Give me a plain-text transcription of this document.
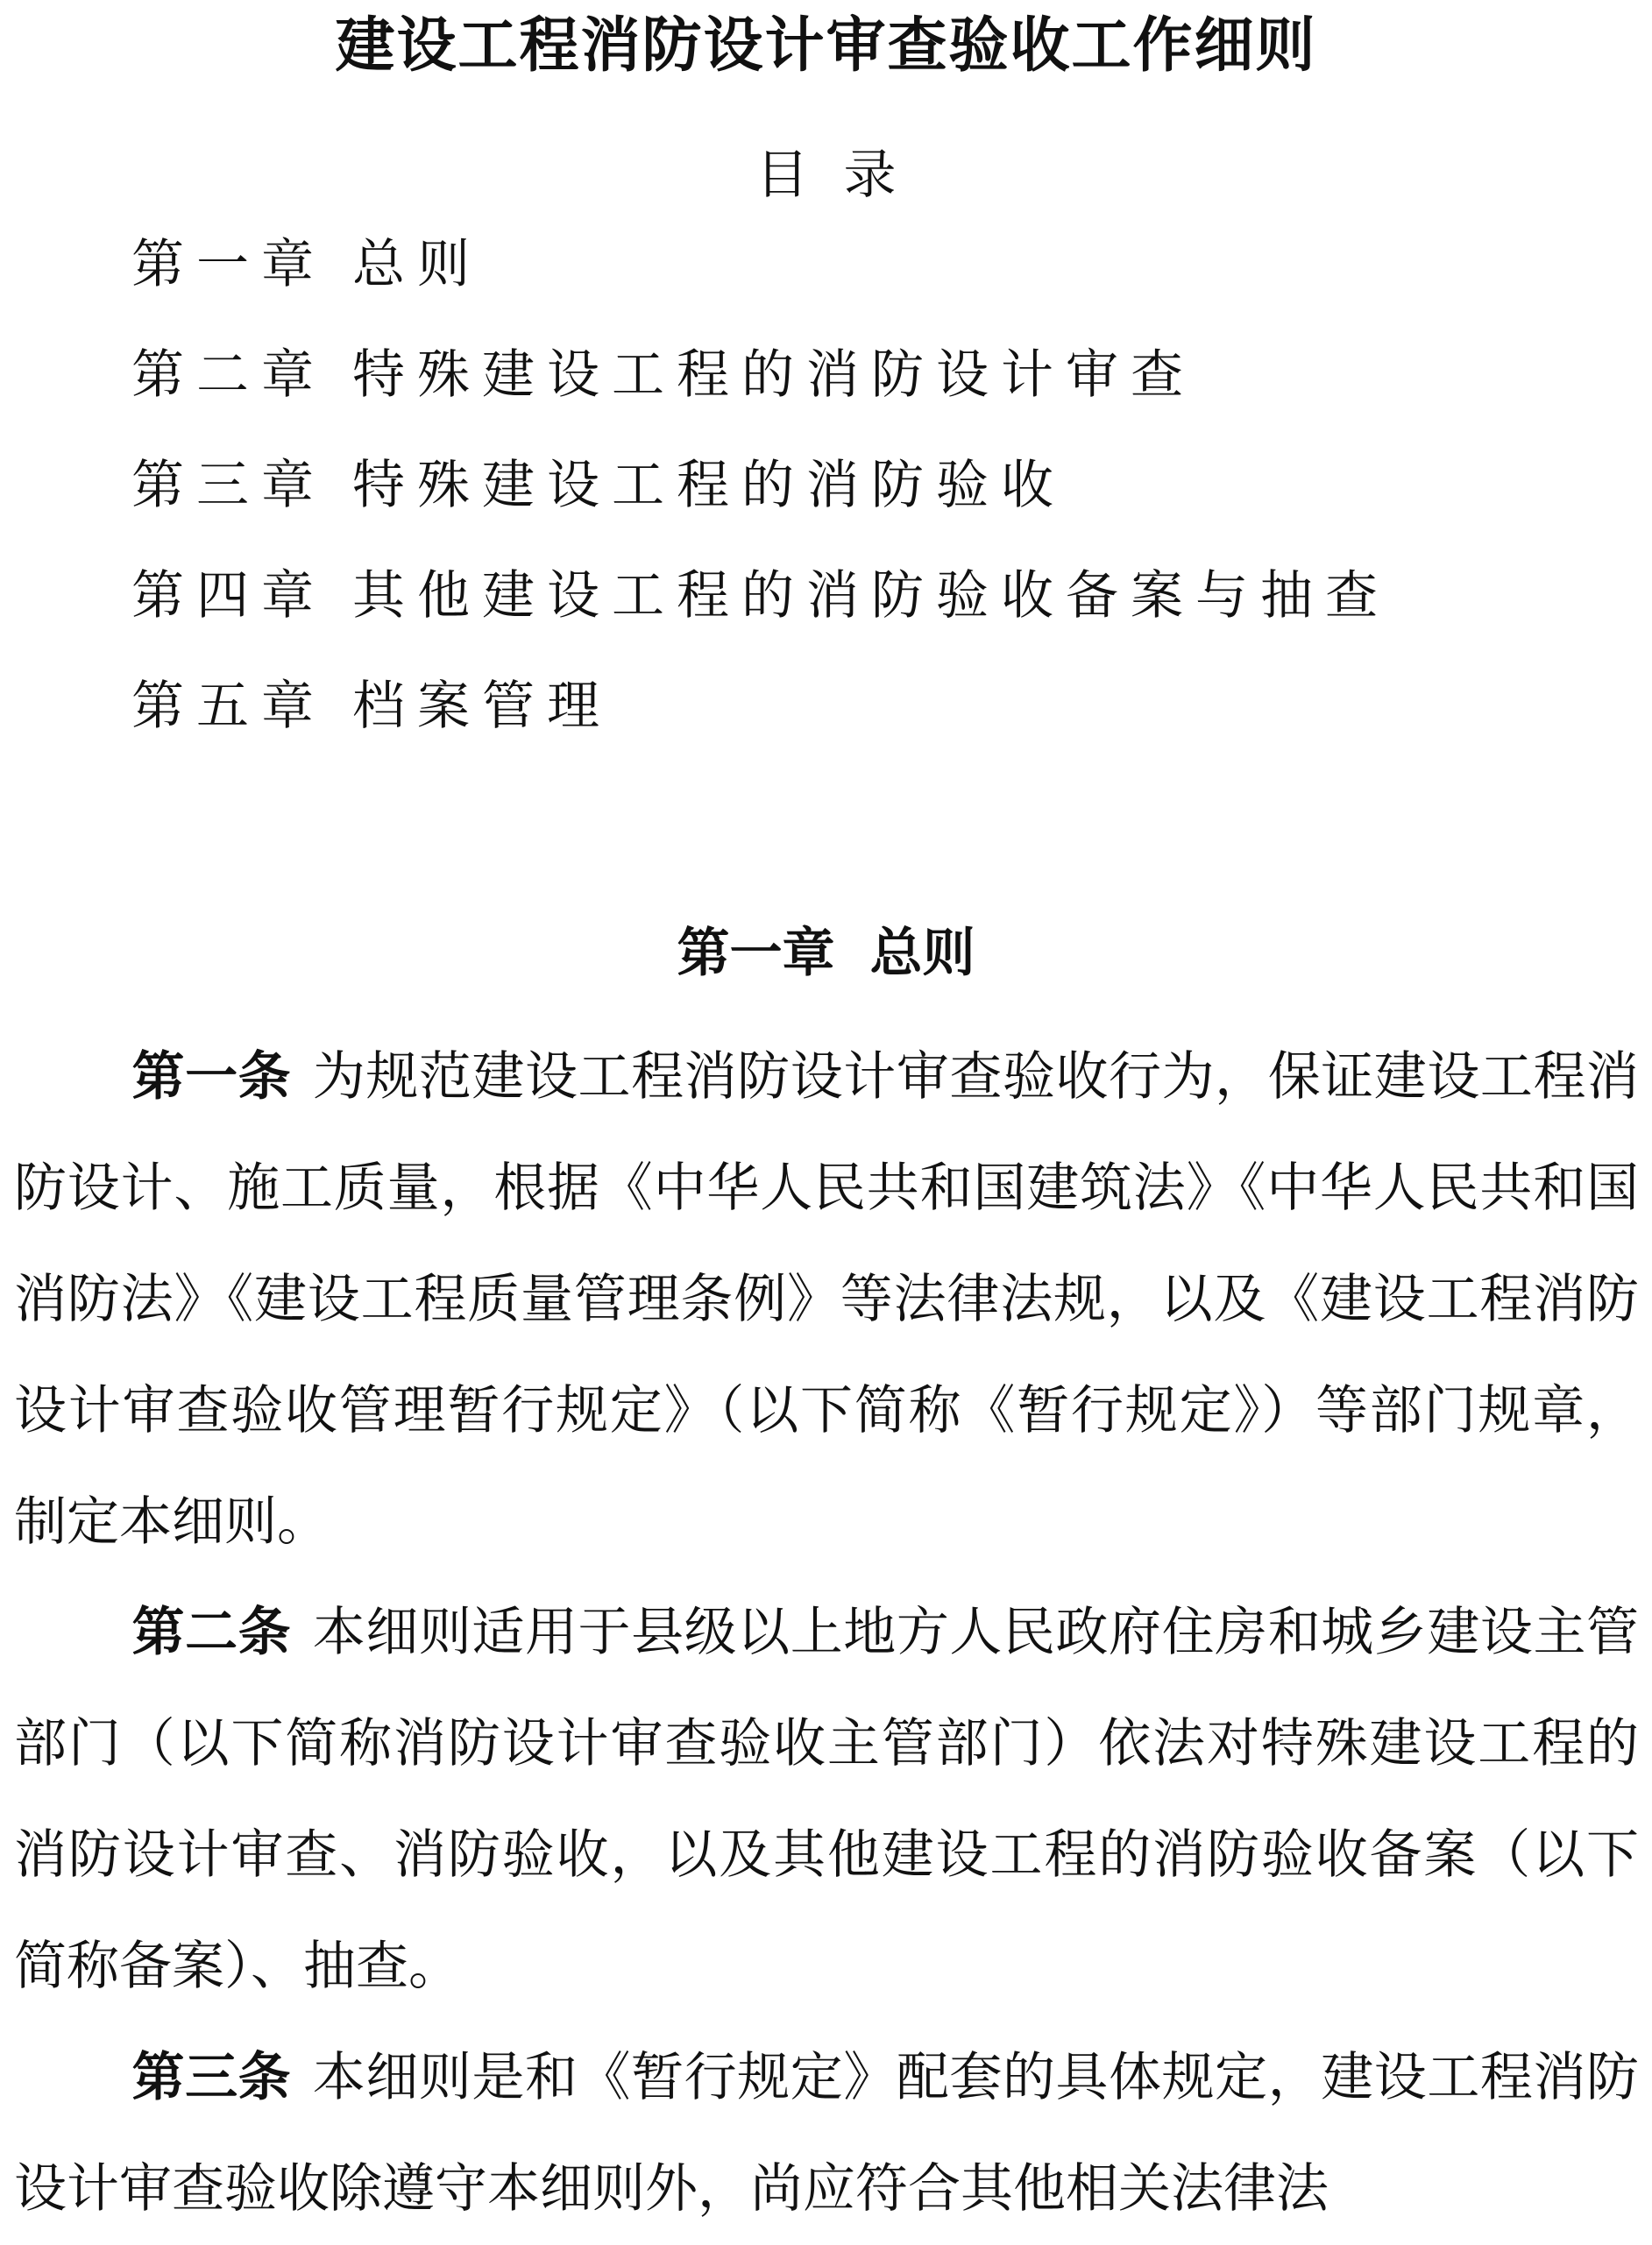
建设工程消防设计审查验收工作细则
目录
第一章 总则
第二章 特殊建设工程的消防设计审查
第三章 特殊建设工程的消防验收
第四章 其他建设工程的消防验收备案与抽查
第五章 档案管理
第一章 总则
第一条 为规范建设工程消防设计审查验收行为，保证建设工程消防设计、施工质量，根据《中华人民共和国建筑法》《中华人民共和国消防法》《建设工程质量管理条例》等法律法规，以及《建设工程消防设计审查验收管理暂行规定》（以下简称《暂行规定》）等部门规章，制定本细则。
第二条 本细则适用于县级以上地方人民政府住房和城乡建设主管部门（以下简称消防设计审查验收主管部门）依法对特殊建设工程的消防设计审查、消防验收，以及其他建设工程的消防验收备案（以下简称备案）、抽查。
第三条 本细则是和《暂行规定》配套的具体规定，建设工程消防设计审查验收除遵守本细则外，尚应符合其他相关法律法
